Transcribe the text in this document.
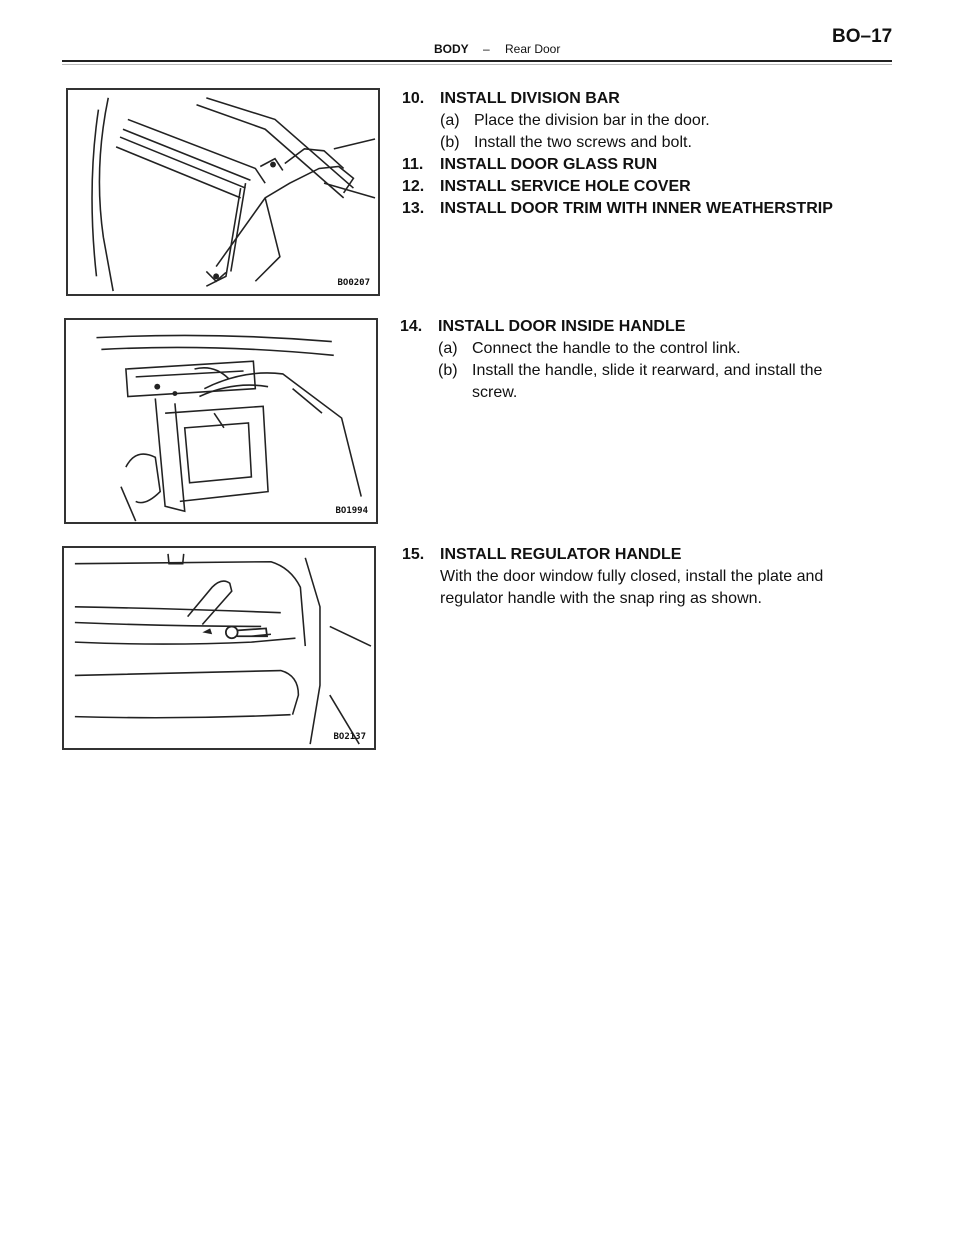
BODY – Rear Door
BO–17
BO0207
BO1994
BO2137
10. INSTALL DIVISION BAR
(a) Place the division bar in the door.
(b) Install the two screws and bolt.
11. INSTALL DOOR GLASS RUN
12. INSTALL SERVICE HOLE COVER
13. INSTALL DOOR TRIM WITH INNER WEATHERSTRIP
14. INSTALL DOOR INSIDE HANDLE
(a) Connect the handle to the control link.
(b) Install the handle, slide it rearward, and install the
screw.
15. INSTALL REGULATOR HANDLE
With the door window fully closed, install the plate and
regulator handle with the snap ring as shown.
